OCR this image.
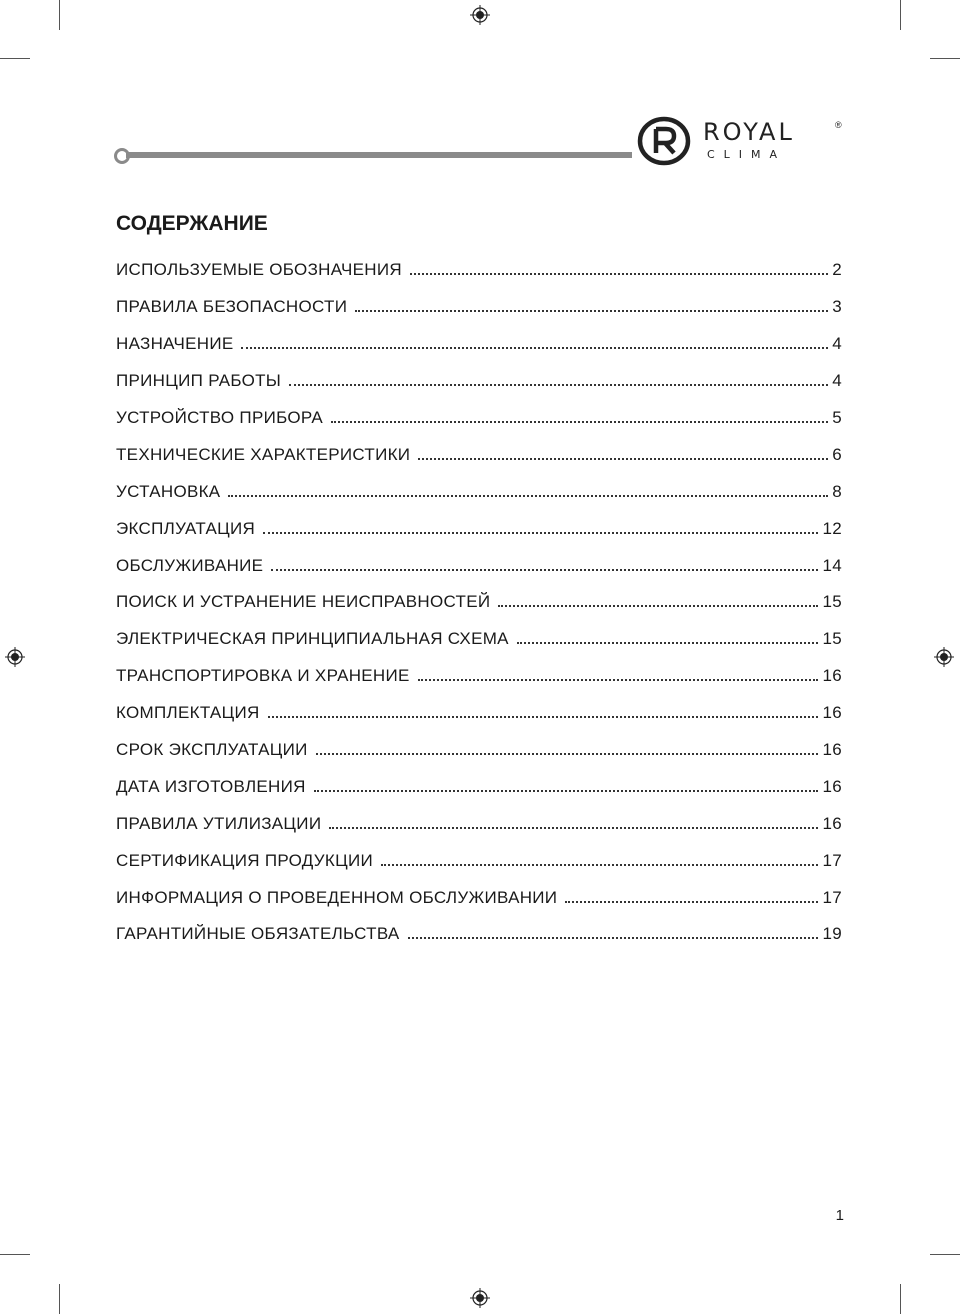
ROYAL	®
CLIMA
СОДЕРЖАНИЕ
ИСПОЛЬЗУЕМЫЕ ОБОЗНАЧЕНИЯ	2
ПРАВИЛА БЕЗОПАСНОСТИ	3
НАЗНАЧЕНИЕ	4
ПРИНЦИП РАБОТЫ	4
УСТРОЙСТВО ПРИБОРА	5
ТЕХНИЧЕСКИЕ ХАРАКТЕРИСТИКИ	6
УСТАНОВКА	8
ЭКСПЛУАТАЦИЯ	12
ОБСЛУЖИВАНИЕ	14
ПОИСК И УСТРАНЕНИЕ НЕИСПРАВНОСТЕЙ	15
ЭЛЕКТРИЧЕСКАЯ ПРИНЦИПИАЛЬНАЯ СХЕМА	15
ТРАНСПОРТИРОВКА И ХРАНЕНИЕ	16
КОМПЛЕКТАЦИЯ	16
СРОК ЭКСПЛУАТАЦИИ	16
ДАТА ИЗГОТОВЛЕНИЯ	16
ПРАВИЛА УТИЛИЗАЦИИ	16
СЕРТИФИКАЦИЯ ПРОДУКЦИИ	17
ИНФОРМАЦИЯ О ПРОВЕДЕННОМ ОБСЛУЖИВАНИИ	17
ГАРАНТИЙНЫЕ ОБЯЗАТЕЛЬСТВА	19
1
